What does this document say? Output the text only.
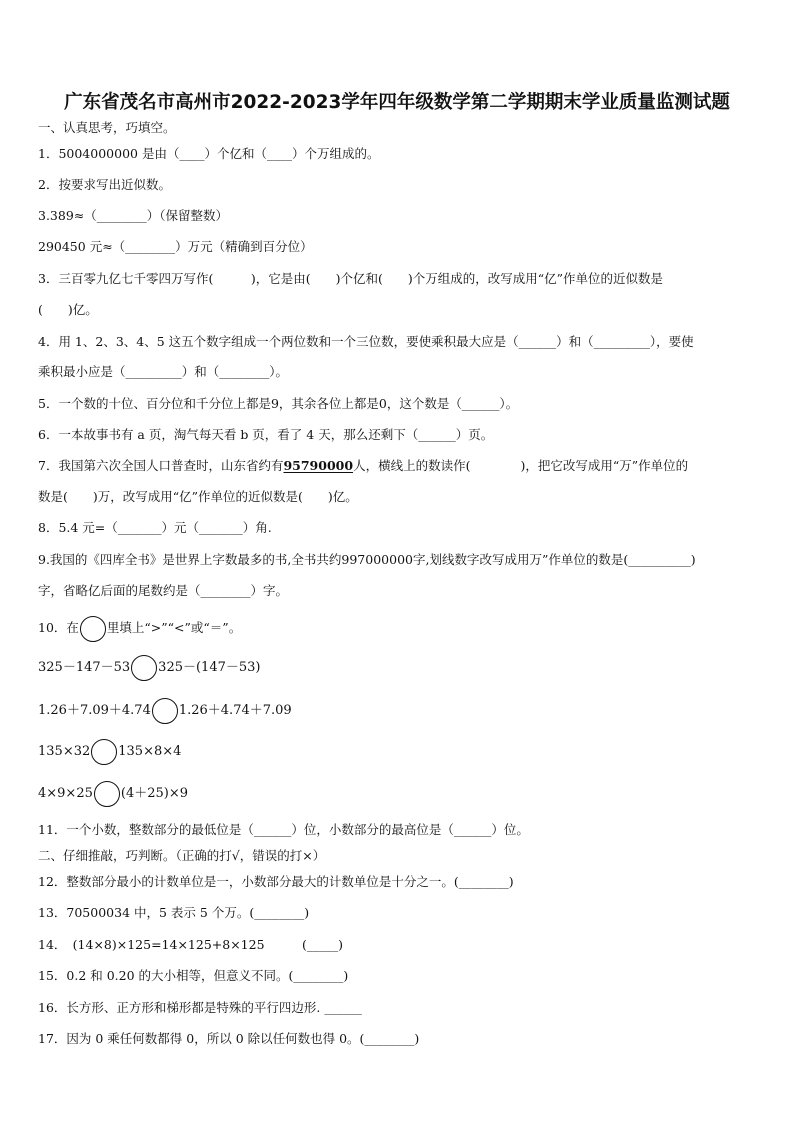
广东省茂名市高州市2022-2023学年四年级数学第二学期期末学业质量监测试题
一、认真思考，巧填空。
1．5004000000 是由（____）个亿和（____）个万组成的。
2．按要求写出近似数。
3.389≈（________）（保留整数）
290450 元≈（________）万元（精确到百分位）
3．三百零九亿七千零四万写作(　　　)，它是由(　　)个亿和(　　)个万组成的，改写成用“亿”作单位的近似数是
(　　)亿。
4．用 1、2、3、4、5 这五个数字组成一个两位数和一个三位数，要使乘积最大应是（______）和（_________），要使
乘积最小应是（_________）和（________）。
5．一个数的十位、百分位和千分位上都是9，其余各位上都是0，这个数是（______）。
6．一本故事书有 a 页，淘气每天看 b 页，看了 4 天，那么还剩下（______）页。
7．我国第六次全国人口普查时，山东省约有95790000人，横线上的数读作(　　　　)，把它改写成用“万”作单位的
数是(　　)万，改写成用“亿”作单位的近似数是(　　)亿。
8．5.4 元=（_______）元（_______）角.
9.我国的《四库全书》是世界上字数最多的书,全书共约997000000字,划线数字改写成用万”作单位的数是(__________)
字，省略亿后面的尾数约是（________）字。
10．在 里填上“>”“<”或“＝”。
325－147－53 325－(147－53)
1.26＋7.09＋4.74 1.26＋4.74＋7.09
135×32 135×8×4
4×9×25 (4＋25)×9
11．一个小数，整数部分的最低位是（______）位，小数部分的最高位是（______）位。
二、仔细推敲，巧判断。（正确的打√，错误的打×）
12．整数部分最小的计数单位是一，小数部分最大的计数单位是十分之一。(________)
13．70500034 中，5 表示 5 个万。(________)
14．　(14×8)×125=14×125+8×125　　　(_____)
15．0.2 和 0.20 的大小相等，但意义不同。(________)
16．长方形、正方形和梯形都是特殊的平行四边形. ______
17．因为 0 乘任何数都得 0，所以 0 除以任何数也得 0。(________)
